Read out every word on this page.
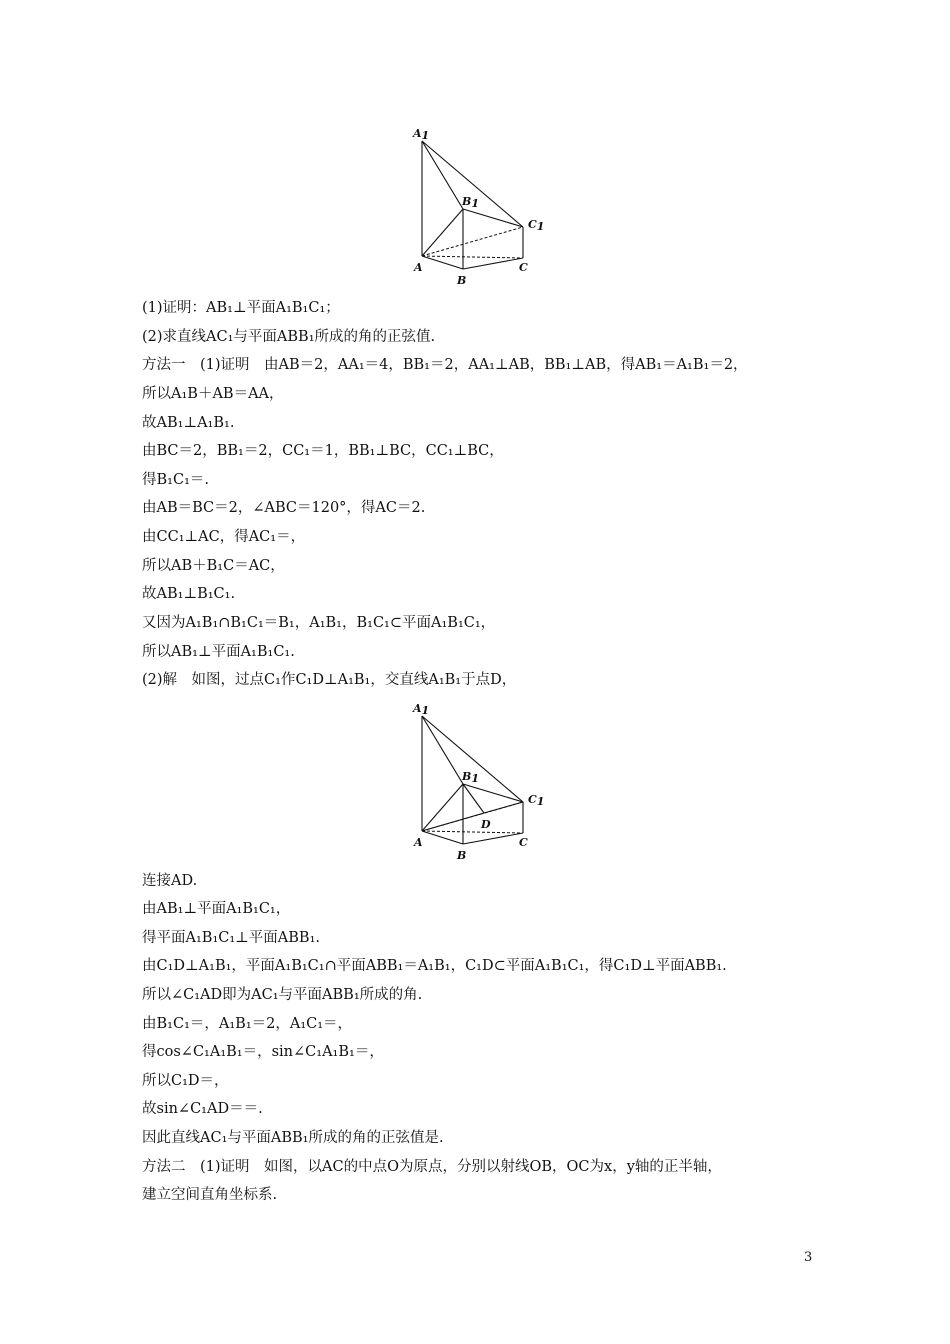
A1
B1
C1
A
B
C
(1)证明：AB₁⊥平面A₁B₁C₁；
(2)求直线AC₁与平面ABB₁所成的角的正弦值.
方法一　(1)证明　由AB＝2，AA₁＝4，BB₁＝2，AA₁⊥AB，BB₁⊥AB，得AB₁＝A₁B₁＝2，
所以A₁B＋AB＝AA，
故AB₁⊥A₁B₁.
由BC＝2，BB₁＝2，CC₁＝1，BB₁⊥BC，CC₁⊥BC，
得B₁C₁＝.
由AB＝BC＝2，∠ABC＝120°，得AC＝2.
由CC₁⊥AC，得AC₁＝，
所以AB＋B₁C＝AC，
故AB₁⊥B₁C₁.
又因为A₁B₁∩B₁C₁＝B₁，A₁B₁，B₁C₁⊂平面A₁B₁C₁，
所以AB₁⊥平面A₁B₁C₁.
(2)解　如图，过点C₁作C₁D⊥A₁B₁，交直线A₁B₁于点D，
A1
B1
C1
D
A
B
C
连接AD.
由AB₁⊥平面A₁B₁C₁，
得平面A₁B₁C₁⊥平面ABB₁.
由C₁D⊥A₁B₁，平面A₁B₁C₁∩平面ABB₁＝A₁B₁，C₁D⊂平面A₁B₁C₁，得C₁D⊥平面ABB₁.
所以∠C₁AD即为AC₁与平面ABB₁所成的角.
由B₁C₁＝，A₁B₁＝2，A₁C₁＝，
得cos∠C₁A₁B₁＝，sin∠C₁A₁B₁＝，
所以C₁D＝，
故sin∠C₁AD＝＝.
因此直线AC₁与平面ABB₁所成的角的正弦值是.
方法二　(1)证明　如图，以AC的中点O为原点，分别以射线OB，OC为x，y轴的正半轴，
建立空间直角坐标系.
3
